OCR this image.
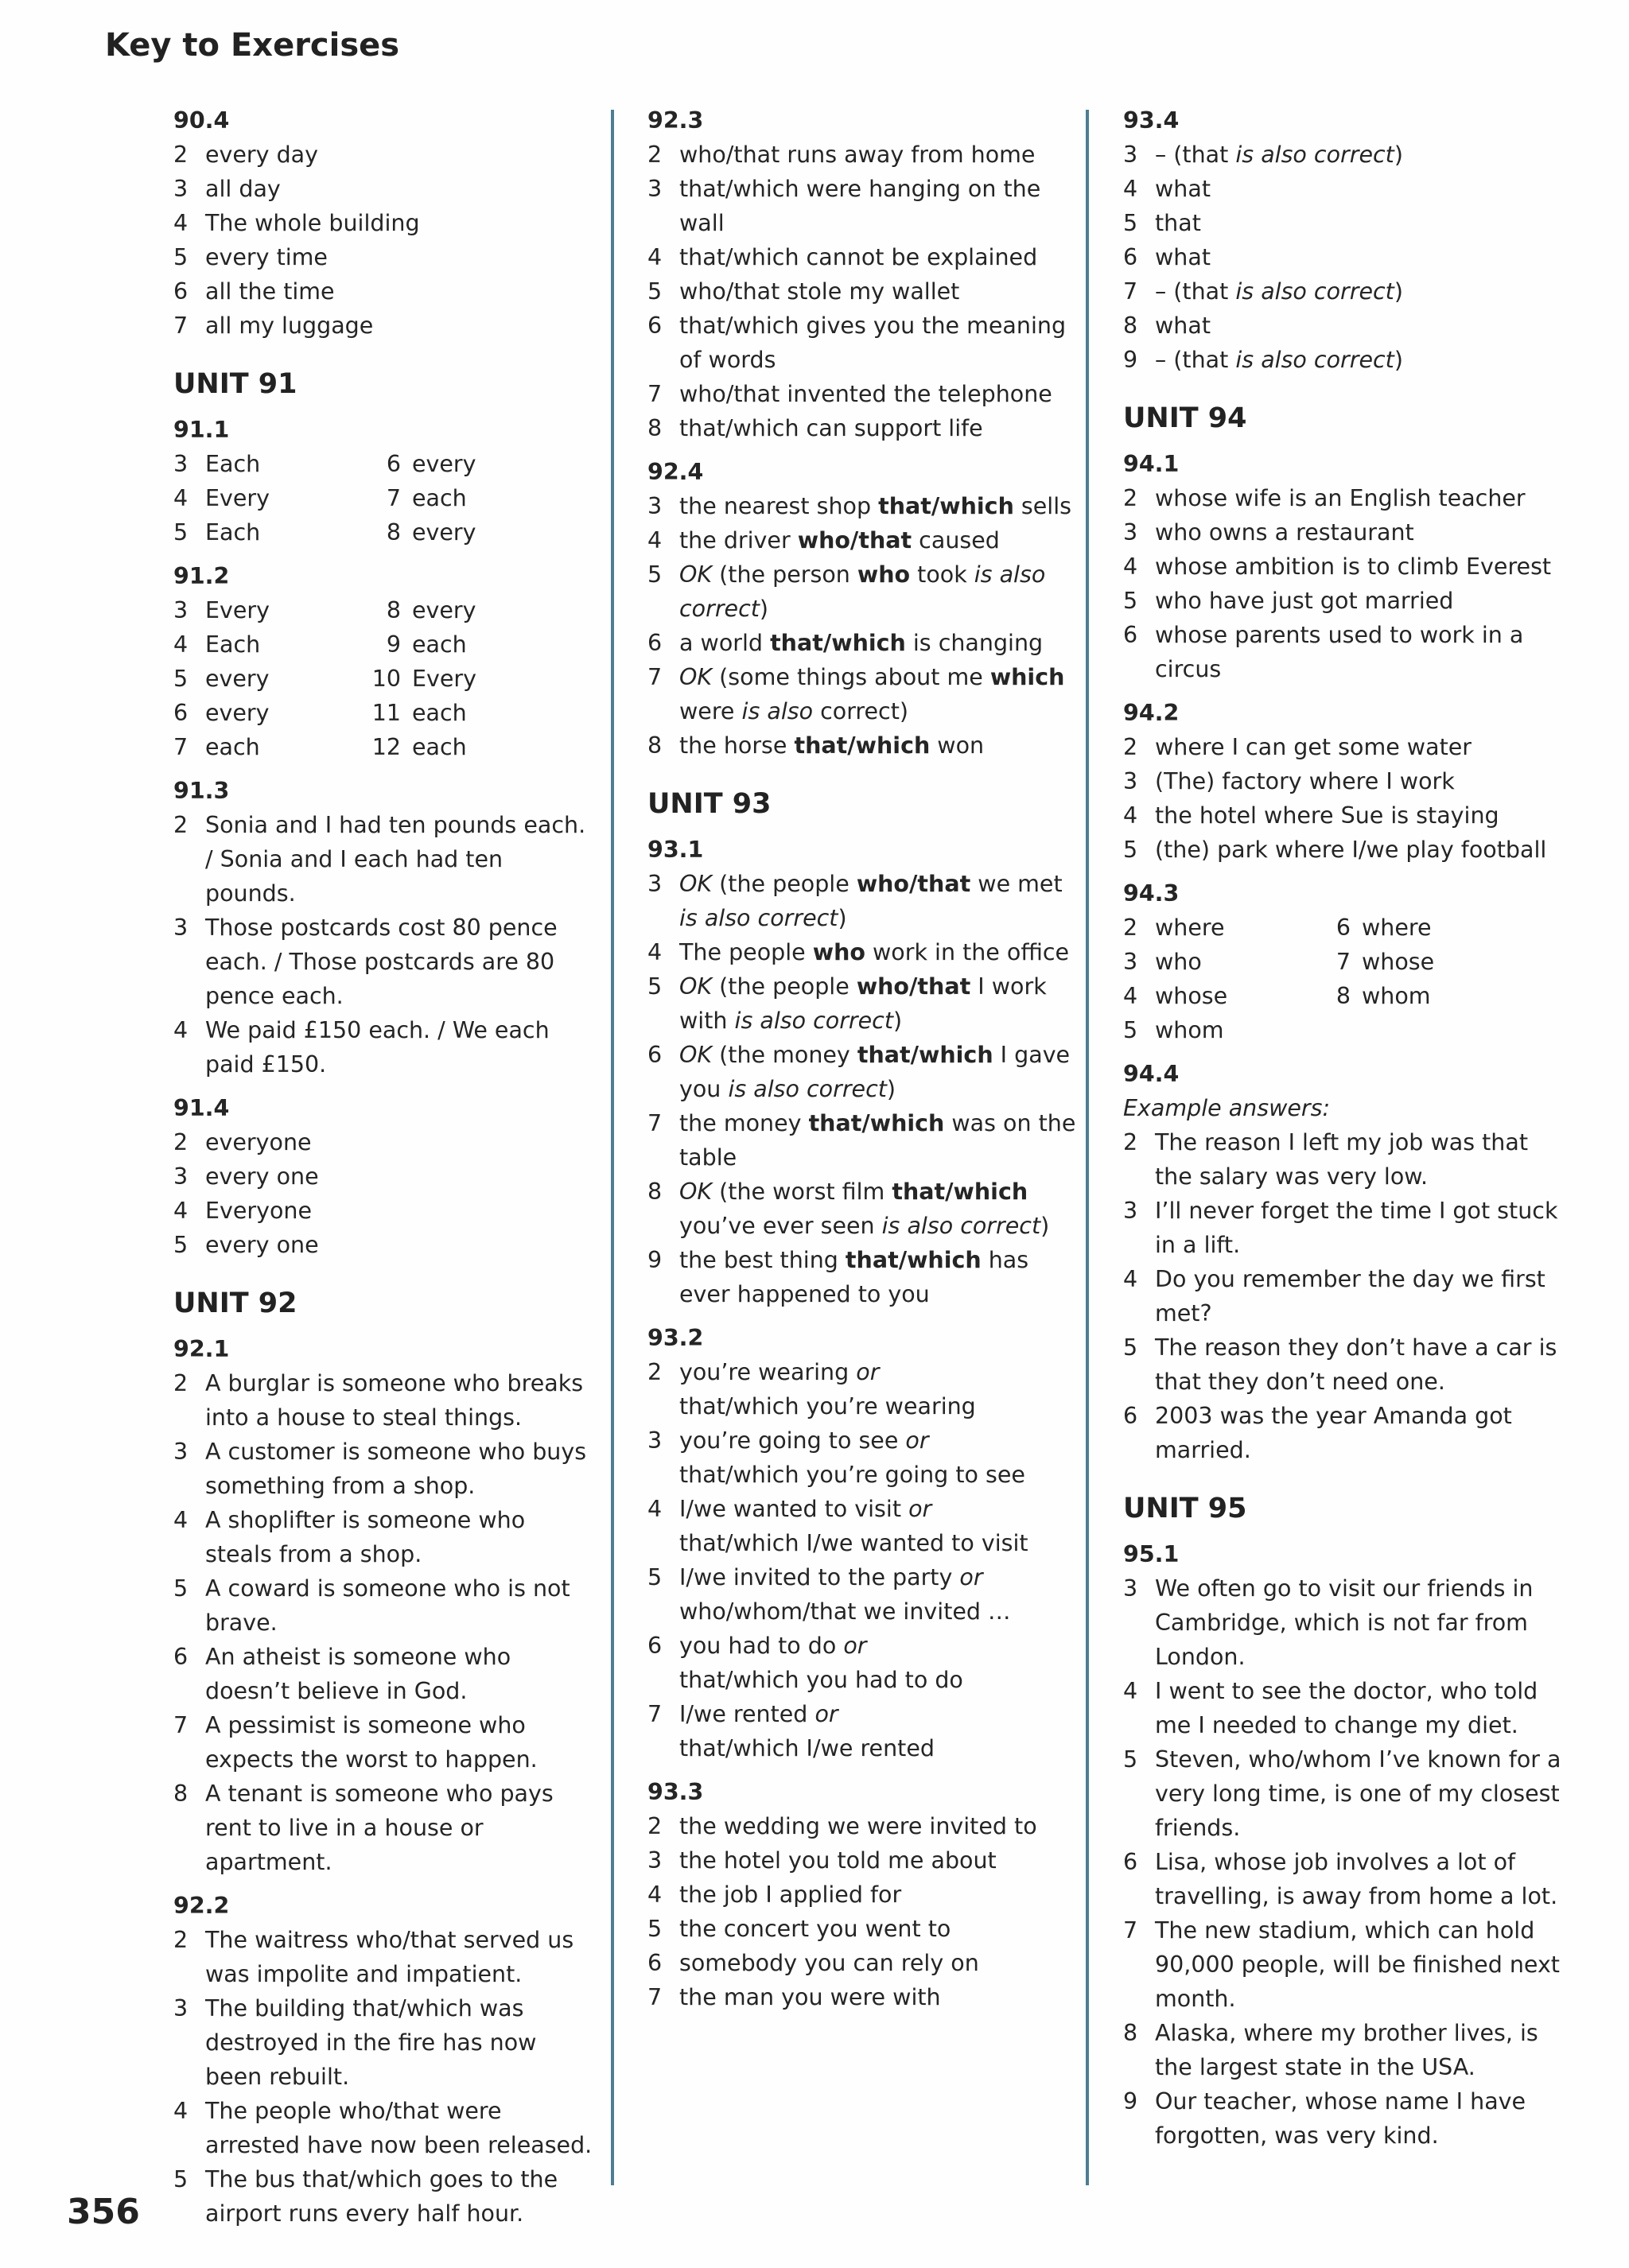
Key to Exercises
90.4
2 every day
3 all day
4 The whole building
5 every time
6 all the time
7 all my luggage
UNIT 91
91.1
3 Each	6 every
4 Every	7 each
5 Each	8 every
91.2
3 Every	8 every
4 Each	9 each
5 every	10 Every
6 every	11 each
7 each	12 each
91.3
2 Sonia and I had ten pounds each. / Sonia and I each had ten pounds.
3 Those postcards cost 80 pence each. / Those postcards are 80 pence each.
4 We paid £150 each. / We each paid £150.
91.4
2 everyone
3 every one
4 Everyone
5 every one
UNIT 92
92.1
2 A burglar is someone who breaks into a house to steal things.
3 A customer is someone who buys something from a shop.
4 A shoplifter is someone who steals from a shop.
5 A coward is someone who is not brave.
6 An atheist is someone who doesn’t believe in God.
7 A pessimist is someone who expects the worst to happen.
8 A tenant is someone who pays rent to live in a house or apartment.
92.2
2 The waitress who/that served us was impolite and impatient.
3 The building that/which was destroyed in the fire has now been rebuilt.
4 The people who/that were arrested have now been released.
5 The bus that/which goes to the airport runs every half hour.
92.3
2 who/that runs away from home
3 that/which were hanging on the wall
4 that/which cannot be explained
5 who/that stole my wallet
6 that/which gives you the meaning of words
7 who/that invented the telephone
8 that/which can support life
92.4
3 the nearest shop that/which sells
4 the driver who/that caused
5 OK (the person who took is also correct)
6 a world that/which is changing
7 OK (some things about me which were is also correct)
8 the horse that/which won
UNIT 93
93.1
3 OK (the people who/that we met is also correct)
4 The people who work in the office
5 OK (the people who/that I work with is also correct)
6 OK (the money that/which I gave you is also correct)
7 the money that/which was on the table
8 OK (the worst film that/which you’ve ever seen is also correct)
9 the best thing that/which has ever happened to you
93.2
2 you’re wearing or
that/which you’re wearing
3 you’re going to see or
that/which you’re going to see
4 I/we wanted to visit or
that/which I/we wanted to visit
5 I/we invited to the party or
who/whom/that we invited …
6 you had to do or
that/which you had to do
7 I/we rented or
that/which I/we rented
93.3
2 the wedding we were invited to
3 the hotel you told me about
4 the job I applied for
5 the concert you went to
6 somebody you can rely on
7 the man you were with
93.4
3 – (that is also correct)
4 what
5 that
6 what
7 – (that is also correct)
8 what
9 – (that is also correct)
UNIT 94
94.1
2 whose wife is an English teacher
3 who owns a restaurant
4 whose ambition is to climb Everest
5 who have just got married
6 whose parents used to work in a circus
94.2
2 where I can get some water
3 (The) factory where I work
4 the hotel where Sue is staying
5 (the) park where I/we play football
94.3
2 where	6 where
3 who	7 whose
4 whose	8 whom
5 whom
94.4
Example answers:
2 The reason I left my job was that the salary was very low.
3 I’ll never forget the time I got stuck in a lift.
4 Do you remember the day we first met?
5 The reason they don’t have a car is that they don’t need one.
6 2003 was the year Amanda got married.
UNIT 95
95.1
3 We often go to visit our friends in Cambridge, which is not far from London.
4 I went to see the doctor, who told me I needed to change my diet.
5 Steven, who/whom I’ve known for a very long time, is one of my closest friends.
6 Lisa, whose job involves a lot of travelling, is away from home a lot.
7 The new stadium, which can hold 90,000 people, will be finished next month.
8 Alaska, where my brother lives, is the largest state in the USA.
9 Our teacher, whose name I have forgotten, was very kind.
356
